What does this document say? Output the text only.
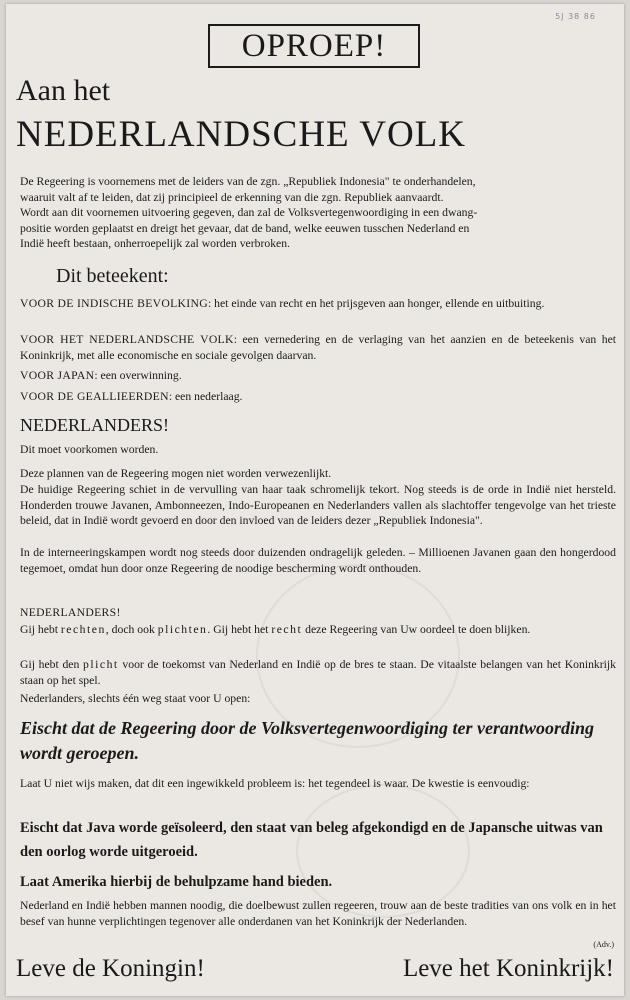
5J 38 86
OPROEP!
Aan het
NEDERLANDSCHE VOLK

De Regeering is voornemens met de leiders van de zgn. „Republiek Indonesia" te onderhandelen,
waaruit valt af te leiden, dat zij principieel de erkenning van die zgn. Republiek aanvaardt.
Wordt aan dit voornemen uitvoering gegeven, dan zal de Volksvertegenwoordiging in een dwang-
positie worden geplaatst en dreigt het gevaar, dat de band, welke eeuwen tusschen Nederland en
Indië heeft bestaan, onherroepelijk zal worden verbroken.

Dit beteekent:

VOOR DE INDISCHE BEVOLKING: het einde van recht en het prijsgeven aan honger, ellende en uitbuiting.

VOOR HET NEDERLANDSCHE VOLK: een vernedering en de verlaging van het aanzien en de beteekenis van het Koninkrijk, met alle economische en sociale gevolgen daarvan.

VOOR JAPAN: een overwinning.

VOOR DE GEALLIEERDEN: een nederlaag.

NEDERLANDERS!

Dit moet voorkomen worden.

Deze plannen van de Regeering mogen niet worden verwezenlijkt.

De huidige Regeering schiet in de vervulling van haar taak schromelijk tekort. Nog steeds is de orde in Indië niet hersteld. Honderden trouwe Javanen, Ambonneezen, Indo-Europeanen en Nederlanders vallen als slachtoffer tengevolge van het trieste beleid, dat in Indië wordt gevoerd en door den invloed van de leiders dezer „Republiek Indonesia".

In de interneeringskampen wordt nog steeds door duizenden ondragelijk geleden. – Millioenen Javanen gaan den hongerdood tegemoet, omdat hun door onze Regeering de noodige bescherming wordt onthouden.

NEDERLANDERS!

Gij hebt rechten, doch ook plichten. Gij hebt het recht deze Regeering van Uw oordeel te doen blijken.

Gij hebt den plicht voor de toekomst van Nederland en Indië op de bres te staan. De vitaalste belangen van het Koninkrijk staan op het spel.

Nederlanders, slechts één weg staat voor U open:

Eischt dat de Regeering door de Volksvertegenwoordiging ter verantwoording wordt geroepen.

Laat U niet wijs maken, dat dit een ingewikkeld probleem is: het tegendeel is waar. De kwestie is eenvoudig:

Eischt dat Java worde geïsoleerd, den staat van beleg afgekondigd en de Japansche uitwas van den oorlog worde uitgeroeid.

Laat Amerika hierbij de behulpzame hand bieden.

Nederland en Indië hebben mannen noodig, die doelbewust zullen regeeren, trouw aan de beste tradities van ons volk en in het besef van hunne verplichtingen tegenover alle onderdanen van het Koninkrijk der Nederlanden.

(Adv.)
Leve de Koningin!	Leve het Koninkrijk!
